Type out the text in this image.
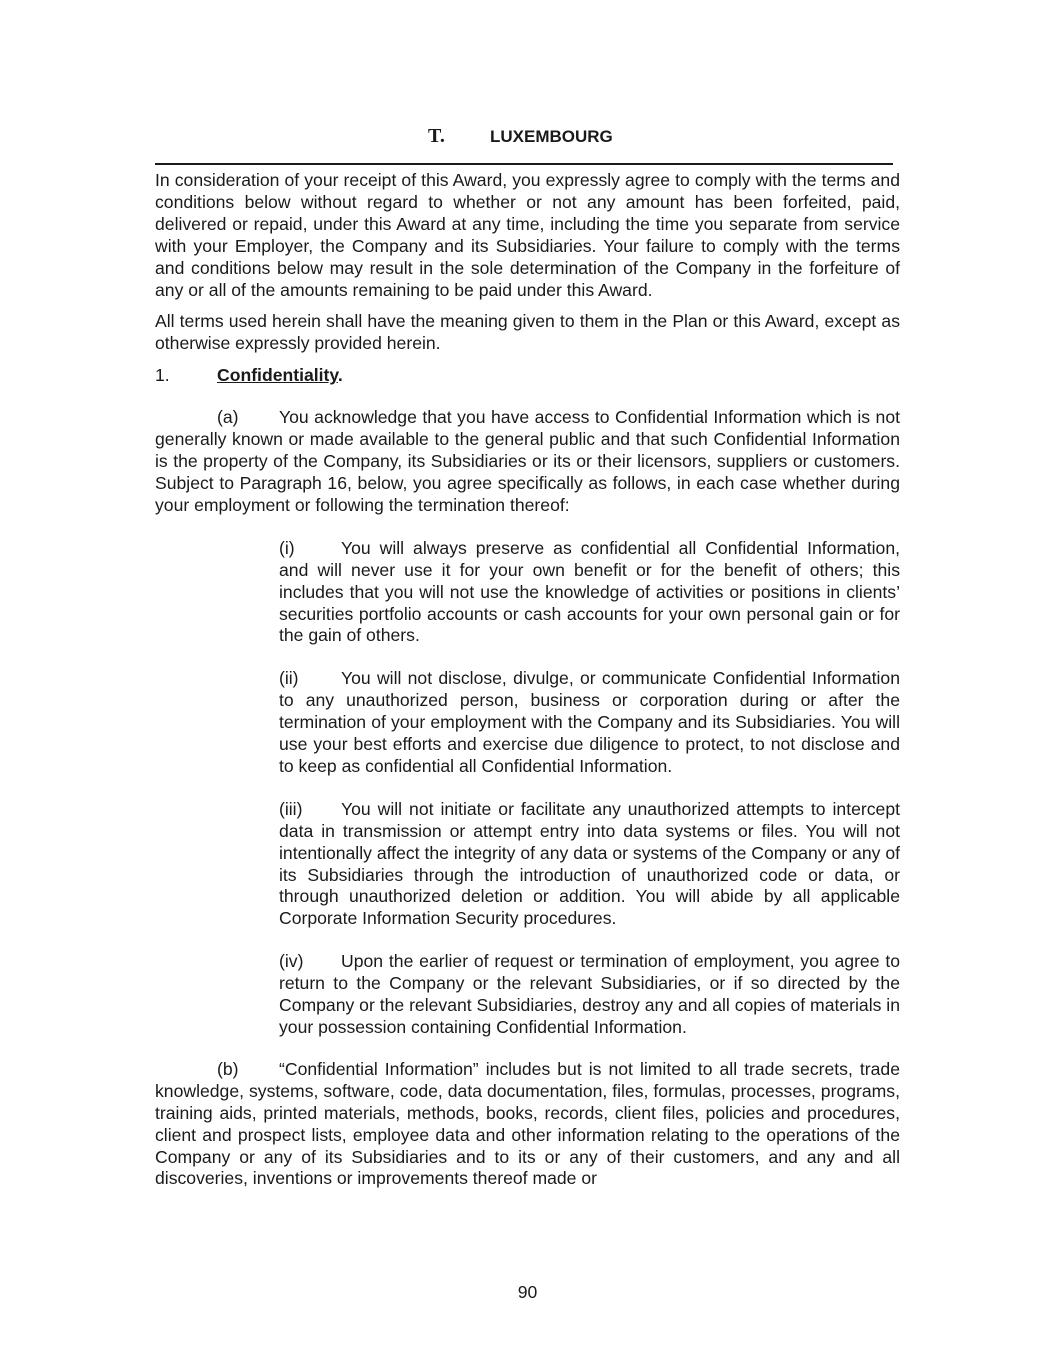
T.	LUXEMBOURG

In consideration of your receipt of this Award, you expressly agree to comply with the terms and conditions below without regard to whether or not any amount has been forfeited, paid, delivered or repaid, under this Award at any time, including the time you separate from service with your Employer, the Company and its Subsidiaries. Your failure to comply with the terms and conditions below may result in the sole determination of the Company in the forfeiture of any or all of the amounts remaining to be paid under this Award.

All terms used herein shall have the meaning given to them in the Plan or this Award, except as otherwise expressly provided herein.

1.	Confidentiality.

(a) You acknowledge that you have access to Confidential Information which is not generally known or made available to the general public and that such Confidential Information is the property of the Company, its Subsidiaries or its or their licensors, suppliers or customers. Subject to Paragraph 16, below, you agree specifically as follows, in each case whether during your employment or following the termination thereof:

(i)	You will always preserve as confidential all Confidential Information, and will never use it for your own benefit or for the benefit of others; this includes that you will not use the knowledge of activities or positions in clients’ securities portfolio accounts or cash accounts for your own personal gain or for the gain of others.

(ii) You will not disclose, divulge, or communicate Confidential Information to any unauthorized person, business or corporation during or after the termination of your employment with the Company and its Subsidiaries. You will use your best efforts and exercise due diligence to protect, to not disclose and to keep as confidential all Confidential Information.

(iii) You will not initiate or facilitate any unauthorized attempts to intercept data in transmission or attempt entry into data systems or files. You will not intentionally affect the integrity of any data or systems of the Company or any of its Subsidiaries through the introduction of unauthorized code or data, or through unauthorized deletion or addition. You will abide by all applicable Corporate Information Security procedures.

(iv) Upon the earlier of request or termination of employment, you agree to return to the Company or the relevant Subsidiaries, or if so directed by the Company or the relevant Subsidiaries, destroy any and all copies of materials in your possession containing Confidential Information.

(b) “Confidential Information” includes but is not limited to all trade secrets, trade knowledge, systems, software, code, data documentation, files, formulas, processes, programs, training aids, printed materials, methods, books, records, client files, policies and procedures, client and prospect lists, employee data and other information relating to the operations of the Company or any of its Subsidiaries and to its or any of their customers, and any and all discoveries, inventions or improvements thereof made or

90
